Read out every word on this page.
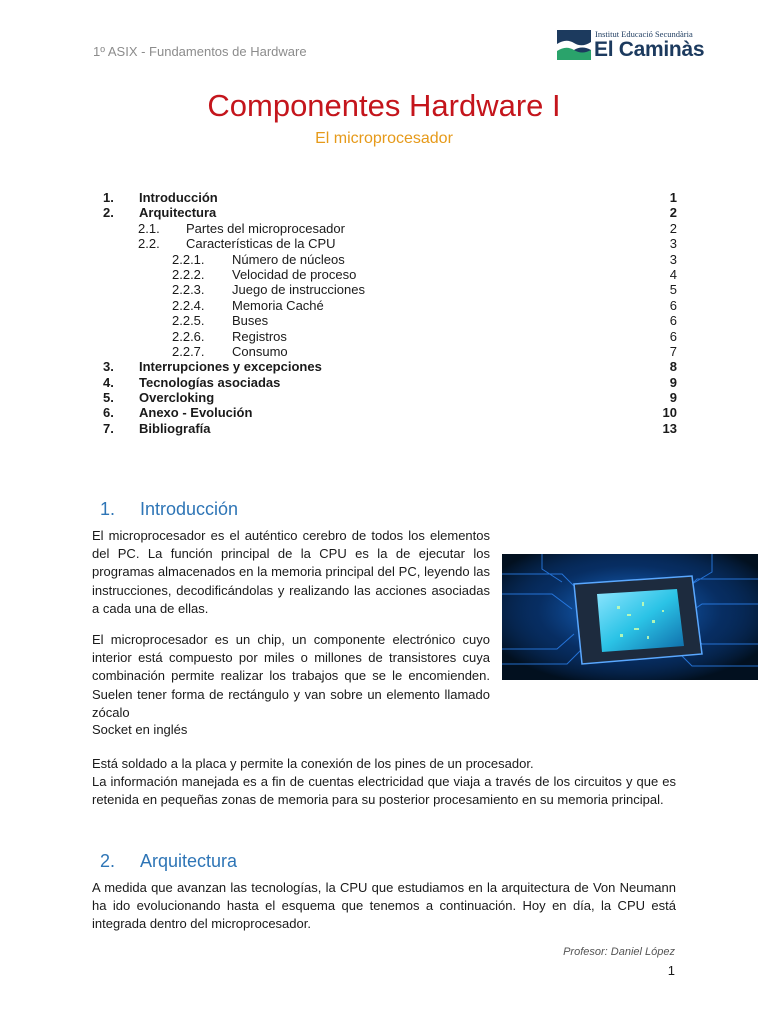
1º ASIX - Fundamentos de Hardware
Institut Educació Secundària
El Caminàs
Componentes Hardware I
El microprocesador
1. Introducción	1
2. Arquitectura	2
2.1. Partes del microprocesador	2
2.2. Características de la CPU	3
2.2.1. Número de núcleos	3
2.2.2. Velocidad de proceso	4
2.2.3. Juego de instrucciones	5
2.2.4. Memoria Caché	6
2.2.5. Buses	6
2.2.6. Registros	6
2.2.7. Consumo	7
3. Interrupciones y excepciones	8
4. Tecnologías asociadas	9
5. Overcloking	9
6. Anexo - Evolución	10
7. Bibliografía	13
1. Introducción
El microprocesador es el auténtico cerebro de todos los elementos del PC. La función principal de la CPU es la de ejecutar los programas almacenados en la memoria principal del PC, leyendo las instrucciones, decodificándolas y realizando las acciones asociadas a cada una de ellas.
El microprocesador es un chip, un componente electrónico cuyo interior está compuesto por miles o millones de transistores cuya combinación permite realizar los trabajos que se le encomienden. Suelen tener forma de rectángulo y van sobre un elemento llamado zócalo
Socket en inglés
Está soldado a la placa y permite la conexión de los pines de un procesador.
La información manejada es a fin de cuentas electricidad que viaja a través de los circuitos y que es retenida en pequeñas zonas de memoria para su posterior procesamiento en su memoria principal.
2. Arquitectura
A medida que avanzan las tecnologías, la CPU que estudiamos en la arquitectura de Von Neumann ha ido evolucionando hasta el esquema que tenemos a continuación. Hoy en día, la CPU está integrada dentro del microprocesador.
Profesor: Daniel López
1
